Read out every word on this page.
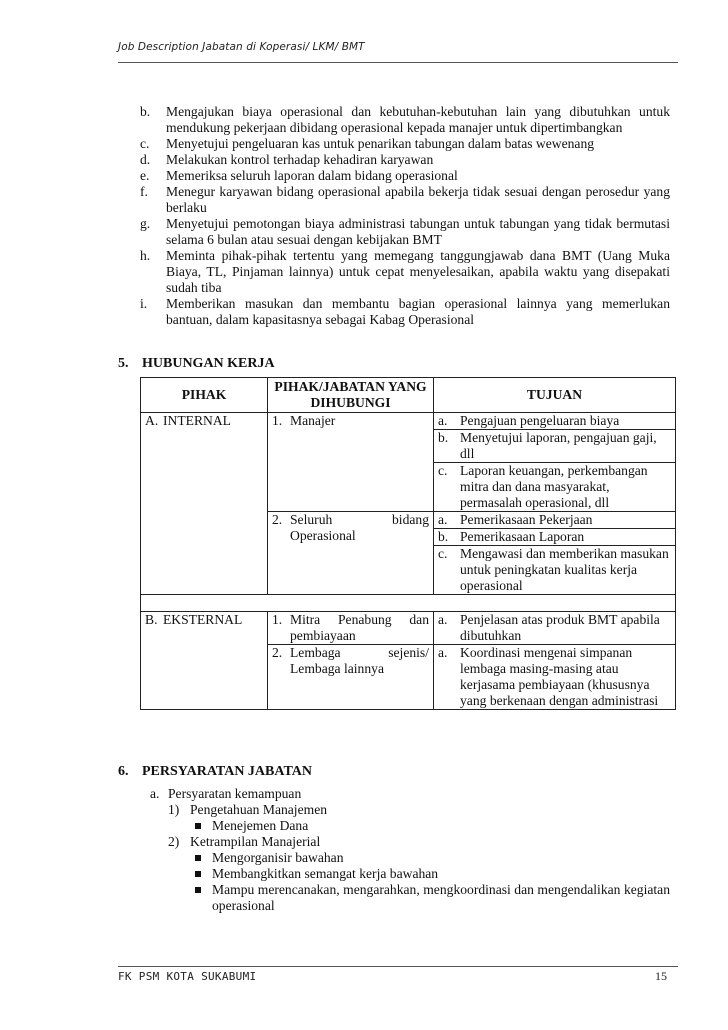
Job Description Jabatan di Koperasi/ LKM/ BMT
b.	Mengajukan biaya operasional dan kebutuhan-kebutuhan lain yang dibutuhkan untuk mendukung pekerjaan dibidang operasional kepada manajer untuk dipertimbangkan
c.	Menyetujui pengeluaran kas untuk penarikan tabungan dalam batas wewenang
d.	Melakukan kontrol terhadap kehadiran karyawan
e.	Memeriksa seluruh laporan dalam bidang operasional
f.	Menegur karyawan bidang operasional apabila bekerja tidak sesuai dengan perosedur yang berlaku
g.	Menyetujui pemotongan biaya administrasi tabungan untuk tabungan yang tidak bermutasi selama 6 bulan atau sesuai dengan kebijakan BMT
h.	Meminta pihak-pihak tertentu yang memegang tanggungjawab dana BMT (Uang Muka Biaya, TL, Pinjaman lainnya) untuk cepat menyelesaikan, apabila waktu yang disepakati sudah tiba
i.	Memberikan masukan dan membantu bagian operasional lainnya yang memerlukan bantuan, dalam kapasitasnya sebagai Kabag Operasional
5. HUBUNGAN KERJA
PIHAK	PIHAK/JABATAN YANG DIHUBUNGI	TUJUAN

A. INTERNAL	1. Manajer	a. Pengajuan pengeluaran biaya

		b. Menyetujui laporan, pengajuan gaji, dll

		c. Laporan keuangan, perkembangan mitra dan dana masyarakat, permasalah operasional, dll

	2. Seluruh bidang Operasional	a. Pemerikasaan Pekerjaan

		b. Pemerikasaan Laporan

		c. Mengawasi dan memberikan masukan untuk peningkatan kualitas kerja operasional

B. EKSTERNAL	1. Mitra Penabung dan pembiayaan	a. Penjelasan atas produk BMT apabila dibutuhkan

	2. Lembaga sejenis/ Lembaga lainnya	a. Koordinasi mengenai simpanan lembaga masing-masing atau kerjasama pembiayaan (khususnya yang berkenaan dengan administrasi
6. PERSYARATAN JABATAN
a. Persyaratan kemampuan
1) Pengetahuan Manajemen
Menejemen Dana
2) Ketrampilan Manajerial
Mengorganisir bawahan
Membangkitkan semangat kerja bawahan
Mampu merencanakan, mengarahkan, mengkoordinasi dan mengendalikan kegiatan operasional
FK PSM KOTA SUKABUMI	15
